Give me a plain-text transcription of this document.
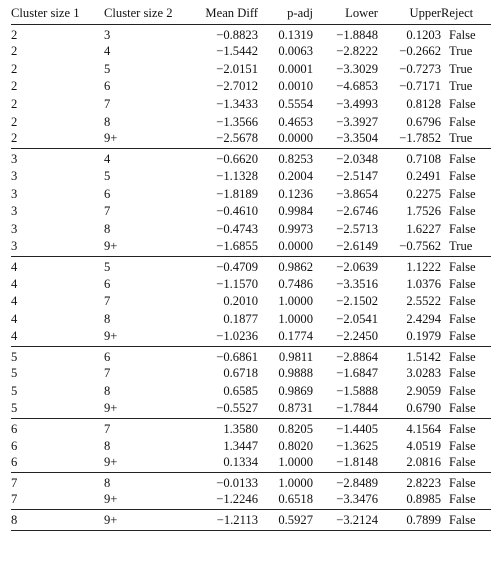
Cluster size 1	Cluster size 2	Mean Diff	p-adj	Lower	Upper	Reject
2	3	−0.8823	0.1319	−1.8848	0.1203	False
2	4	−1.5442	0.0063	−2.8222	−0.2662	True
2	5	−2.0151	0.0001	−3.3029	−0.7273	True
2	6	−2.7012	0.0010	−4.6853	−0.7171	True
2	7	−1.3433	0.5554	−3.4993	0.8128	False
2	8	−1.3566	0.4653	−3.3927	0.6796	False
2	9+	−2.5678	0.0000	−3.3504	−1.7852	True
3	4	−0.6620	0.8253	−2.0348	0.7108	False
3	5	−1.1328	0.2004	−2.5147	0.2491	False
3	6	−1.8189	0.1236	−3.8654	0.2275	False
3	7	−0.4610	0.9984	−2.6746	1.7526	False
3	8	−0.4743	0.9973	−2.5713	1.6227	False
3	9+	−1.6855	0.0000	−2.6149	−0.7562	True
4	5	−0.4709	0.9862	−2.0639	1.1222	False
4	6	−1.1570	0.7486	−3.3516	1.0376	False
4	7	0.2010	1.0000	−2.1502	2.5522	False
4	8	0.1877	1.0000	−2.0541	2.4294	False
4	9+	−1.0236	0.1774	−2.2450	0.1979	False
5	6	−0.6861	0.9811	−2.8864	1.5142	False
5	7	0.6718	0.9888	−1.6847	3.0283	False
5	8	0.6585	0.9869	−1.5888	2.9059	False
5	9+	−0.5527	0.8731	−1.7844	0.6790	False
6	7	1.3580	0.8205	−1.4405	4.1564	False
6	8	1.3447	0.8020	−1.3625	4.0519	False
6	9+	0.1334	1.0000	−1.8148	2.0816	False
7	8	−0.0133	1.0000	−2.8489	2.8223	False
7	9+	−1.2246	0.6518	−3.3476	0.8985	False
8	9+	−1.2113	0.5927	−3.2124	0.7899	False
